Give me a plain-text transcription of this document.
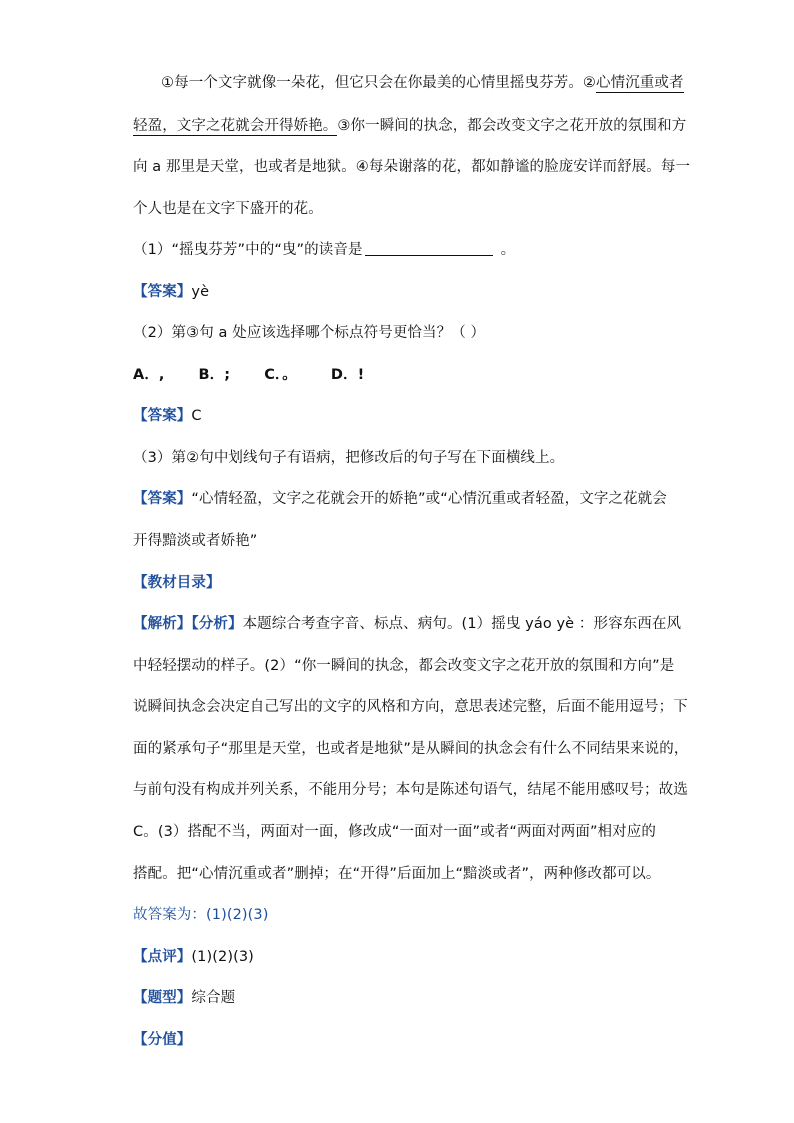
①每一个文字就像一朵花，但它只会在你最美的心情里摇曳芬芳。②心情沉重或者
轻盈，文字之花就会开得娇艳。③你一瞬间的执念，都会改变文字之花开放的氛围和方
向 a 那里是天堂，也或者是地狱。④每朵谢落的花，都如静谧的脸庞安详而舒展。每一
个人也是在文字下盛开的花。
（1）“摇曳芬芳”中的“曳”的读音是	。
【答案】yè
（2）第③句 a 处应该选择哪个标点符号更恰当？（ ）
A．, B．; C．。 D．!
【答案】C
（3）第②句中划线句子有语病，把修改后的句子写在下面横线上。
【答案】“心情轻盈，文字之花就会开的娇艳”或“心情沉重或者轻盈，文字之花就会
开得黯淡或者娇艳”
【教材目录】
【解析】【分析】本题综合考查字音、标点、病句。(1）摇曳 yáo yè ：形容东西在风
中轻轻摆动的样子。(2）“你一瞬间的执念，都会改变文字之花开放的氛围和方向”是
说瞬间执念会决定自己写出的文字的风格和方向，意思表述完整，后面不能用逗号；下
面的紧承句子“那里是天堂，也或者是地狱”是从瞬间的执念会有什么不同结果来说的，
与前句没有构成并列关系，不能用分号；本句是陈述句语气，结尾不能用感叹号；故选
C。(3）搭配不当，两面对一面，修改成“一面对一面”或者“两面对两面”相对应的
搭配。把“心情沉重或者”删掉；在“开得”后面加上“黯淡或者”，两种修改都可以。
故答案为：(1)(2)(3)
【点评】(1)(2)(3)
【题型】综合题
【分值】
